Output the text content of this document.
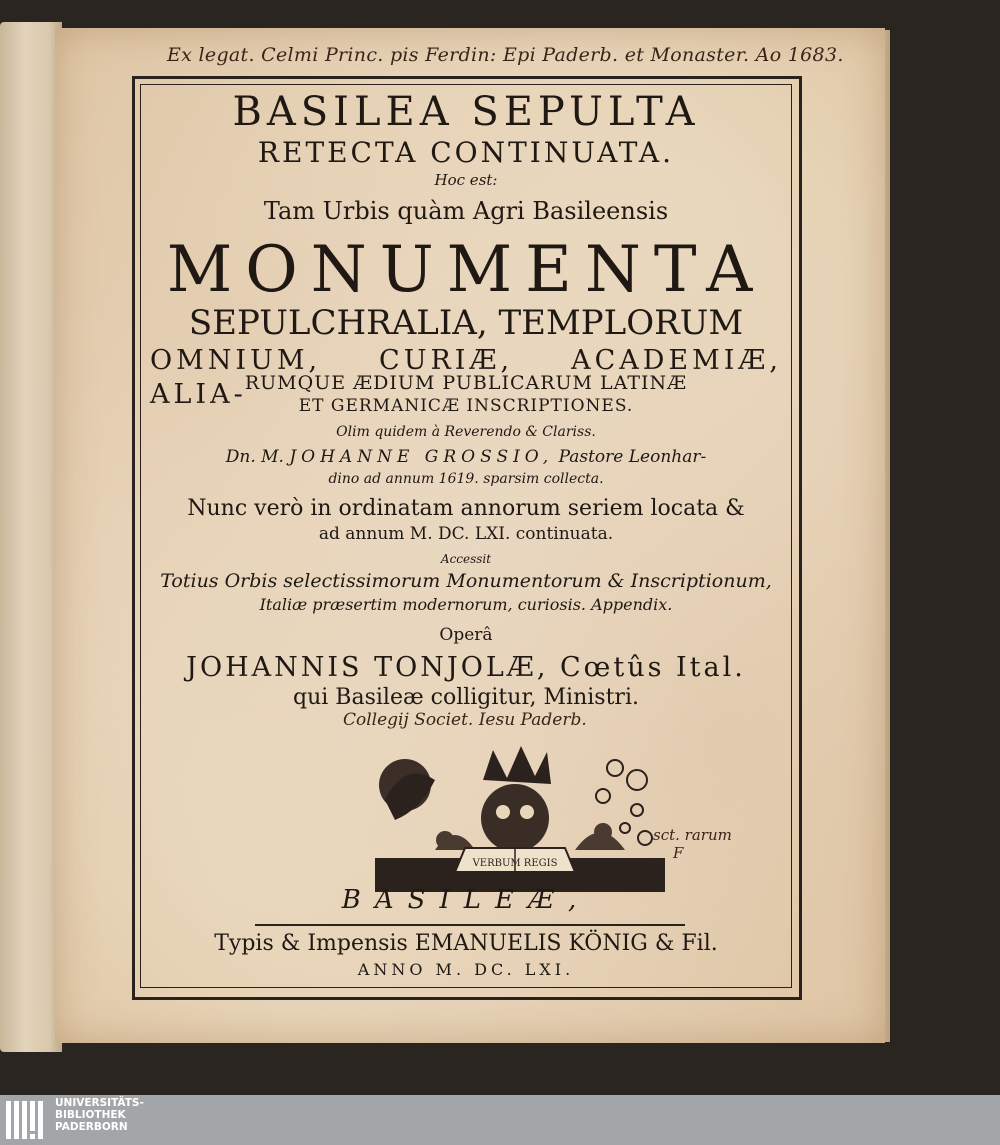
Ex legat. Celmi Princ. pis Ferdin: Epi Paderb. et Monaster. Ao 1683.
BASILEA SEPULTA
RETECTA CONTINUATA.
Hoc est:
Tam Urbis quàm Agri Basileensis
MONUMENTA
SEPULCHRALIA, TEMPLORUM
OMNIUM, CURIÆ, ACADEMIÆ, ALIA-
RUMQUE ÆDIUM PUBLICARUM LATINÆ
ET GERMANICÆ INSCRIPTIONES.
Olim quidem à Reverendo & Clariss.
Dn. M. JOHANNE GROSSIO, Pastore Leonhar-
dino ad annum 1619. sparsim collecta.
Nunc verò in ordinatam annorum seriem locata &
ad annum M. DC. LXI. continuata.
Accessit
Totius Orbis selectissimorum Monumentorum & Inscriptionum,
Italiæ præsertim modernorum, curiosis. Appendix.
Operâ
JOHANNIS TONJOLÆ, Cœtûs Ital.
qui Basileæ colligitur, Ministri.
Collegij Societ. Iesu Paderb.
sct. rarum
F
VERBUM REGIS
BASILEÆ,
Typis & Impensis EMANUELIS KÖNIG & Fil.
ANNO M. DC. LXI.
UNIVERSITÄTS-
BIBLIOTHEK
PADERBORN
